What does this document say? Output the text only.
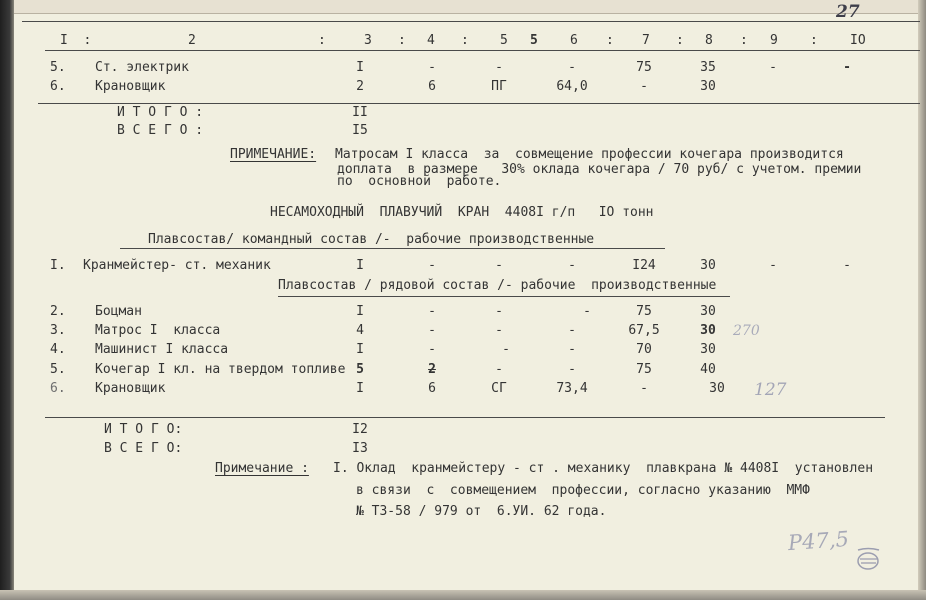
27
I  :	2	:	3 : 4 : 5 5 6 : 7 : 8 : 9 : IO
5. Ст. электрик	I	-	-	-	75	35	-	-
6. Крановщик	2	6	ПГ	64,0	-	30
И Т О Г О :	II
В С Е Г О :	I5
ПРИМЕЧАНИЕ: Матросам I класса  за  совмещение профессии кочегара производится
доплата  в размере   30% оклада кочегара / 70 руб/ с учетом. премии
по  основной  работе.
НЕСАМОХОДНЫЙ  ПЛАВУЧИЙ  КРАН  4408I г/п   IO тонн
Плавсостав/ командный состав /-  рабочие производственные
I. Кранмейстер- ст. механик	I	-	-	-	I24	30	-	-
Плавсостав / рядовой состав /- рабочие  производственные
2. Боцман	I	-	-	-	75	30
3. Матрос I  класса	4	-	-	-	67,5	30
4. Машинист I класса	I	-	-	-	70	30
5. Кочегар I кл. на твердом топливе 5	2	-	-	75	40
6. Крановщик	I	6	СГ	73,4	-	30
270
127
И Т О Г О:	I2
В С Е Г О:	I3
Примечание : I. Оклад  кранмейстеру - ст . механику  плавкрана № 4408I  установлен
в связи  с  совмещением  профессии, согласно указанию  ММФ
№ ТЗ-58 / 979 от  6.УИ. 62 года.
Р47,5
